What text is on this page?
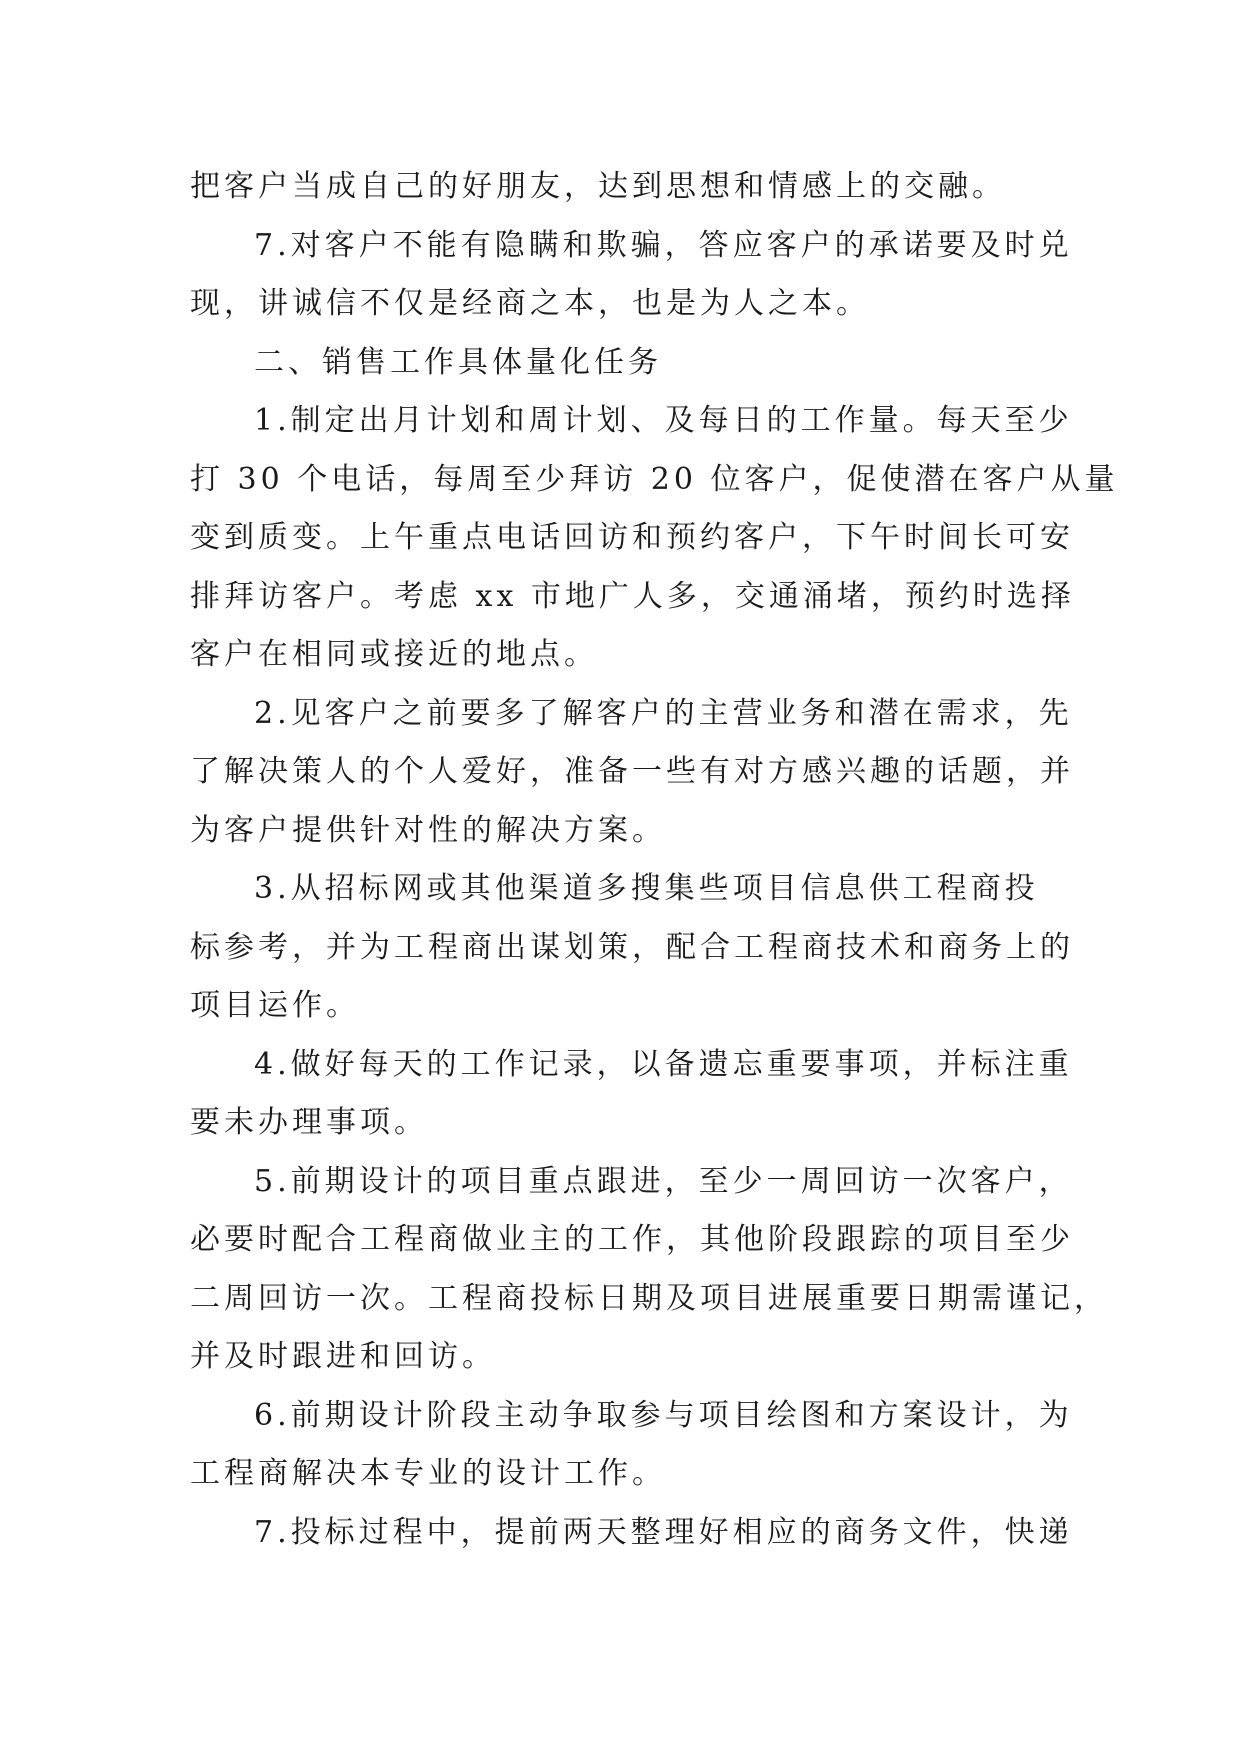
把客户当成自己的好朋友，达到思想和情感上的交融。
7.对客户不能有隐瞒和欺骗，答应客户的承诺要及时兑
现，讲诚信不仅是经商之本，也是为人之本。
二、销售工作具体量化任务
1.制定出月计划和周计划、及每日的工作量。每天至少
打 30 个电话，每周至少拜访 20 位客户，促使潜在客户从量
变到质变。上午重点电话回访和预约客户，下午时间长可安
排拜访客户。考虑 xx 市地广人多，交通涌堵，预约时选择
客户在相同或接近的地点。
2.见客户之前要多了解客户的主营业务和潜在需求，先
了解决策人的个人爱好，准备一些有对方感兴趣的话题，并
为客户提供针对性的解决方案。
3.从招标网或其他渠道多搜集些项目信息供工程商投
标参考，并为工程商出谋划策，配合工程商技术和商务上的
项目运作。
4.做好每天的工作记录，以备遗忘重要事项，并标注重
要未办理事项。
5.前期设计的项目重点跟进，至少一周回访一次客户，
必要时配合工程商做业主的工作，其他阶段跟踪的项目至少
二周回访一次。工程商投标日期及项目进展重要日期需谨记，
并及时跟进和回访。
6.前期设计阶段主动争取参与项目绘图和方案设计，为
工程商解决本专业的设计工作。
7.投标过程中，提前两天整理好相应的商务文件，快递
